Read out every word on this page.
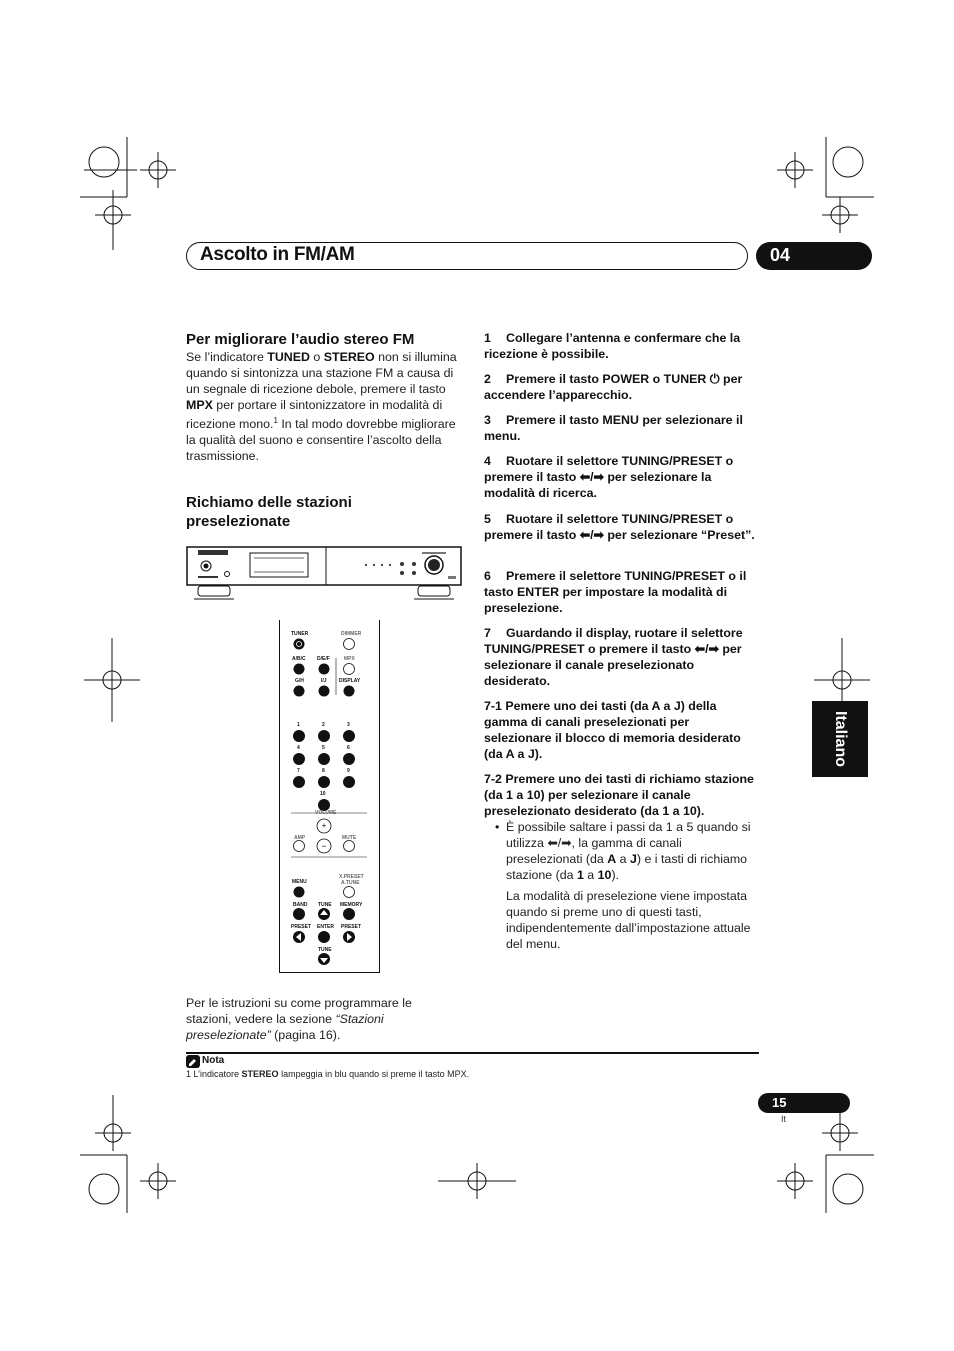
Ascolto in FM/AM	04
Italiano
Per migliorare l’audio stereo FM
Se l’indicatore TUNED o STEREO non si illumina quando si sintonizza una stazione FM a causa di un segnale di ricezione debole, premere il tasto MPX per portare il sintonizzatore in modalità di ricezione mono.$^1$ In tal modo dovrebbe migliorare la qualità del suono e consentire l’ascolto della trasmissione.
Richiamo delle stazioni preselezionate
+
−
TUNER	DIMMER
A/B/C D/E/F	MPX
G/H	I/J DISPLAY
1	2	3
4	5	6
7	8	9
10
VOLUME
AMP	MUTE
X.PRESET
A.TUNE
MENU
BAND TUNE MEMORY
PRESET ENTER PRESET
TUNE
Per le istruzioni su come programmare le stazioni, vedere la sezione “Stazioni preselezionate” (pagina 16).
1 Collegare l’antenna e confermare che la ricezione è possibile.
2 Premere il tasto POWER o TUNER ⏻ per accendere l’apparecchio.
3 Premere il tasto MENU per selezionare il menu.
4 Ruotare il selettore TUNING/PRESET o premere il tasto ⬅/➡ per selezionare la modalità di ricerca.
5 Ruotare il selettore TUNING/PRESET o premere il tasto ⬅/➡ per selezionare “Preset”.
6 Premere il selettore TUNING/PRESET o il tasto ENTER per impostare la modalità di preselezione.
7 Guardando il display, ruotare il selettore TUNING/PRESET o premere il tasto ⬅/➡ per selezionare il canale preselezionato desiderato.
7-1 Pemere uno dei tasti (da A a J) della gamma di canali preselezionati per selezionare il blocco di memoria desiderato (da A a J).
7-2 Premere uno dei tasti di richiamo stazione (da 1 a 10) per selezionare il canale preselezionato desiderato (da 1 a 10).
• È possibile saltare i passi da 1 a 5 quando si utilizza ⬅/➡, la gamma di canali preselezionati (da A a J) e i tasti di richiamo stazione (da 1 a 10).
La modalità di preselezione viene impostata quando si preme uno di questi tasti, indipendentemente dall’impostazione attuale del menu.
Nota
1 L’indicatore STEREO lampeggia in blu quando si preme il tasto MPX.
15
It
